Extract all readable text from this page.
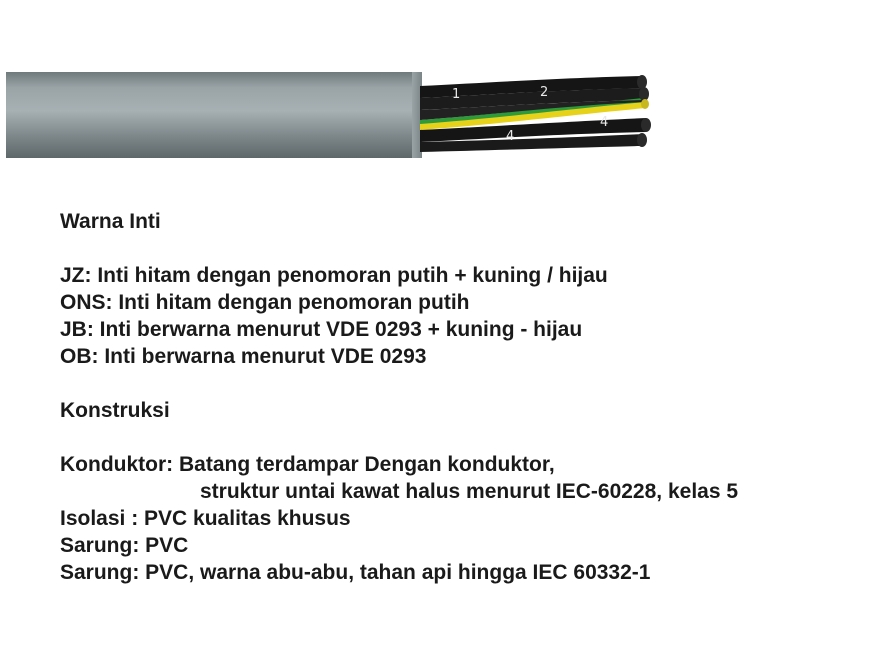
1	2
4
4

Warna Inti

JZ: Inti hitam dengan penomoran putih + kuning / hijau

ONS: Inti hitam dengan penomoran putih

JB: Inti berwarna menurut VDE 0293 + kuning - hijau

OB: Inti berwarna menurut VDE 0293

Konstruksi

Konduktor: Batang terdampar Dengan konduktor,

struktur untai kawat halus menurut IEC-60228, kelas 5

Isolasi : PVC kualitas khusus

Sarung: PVC

Sarung: PVC, warna abu-abu, tahan api hingga IEC 60332-1
